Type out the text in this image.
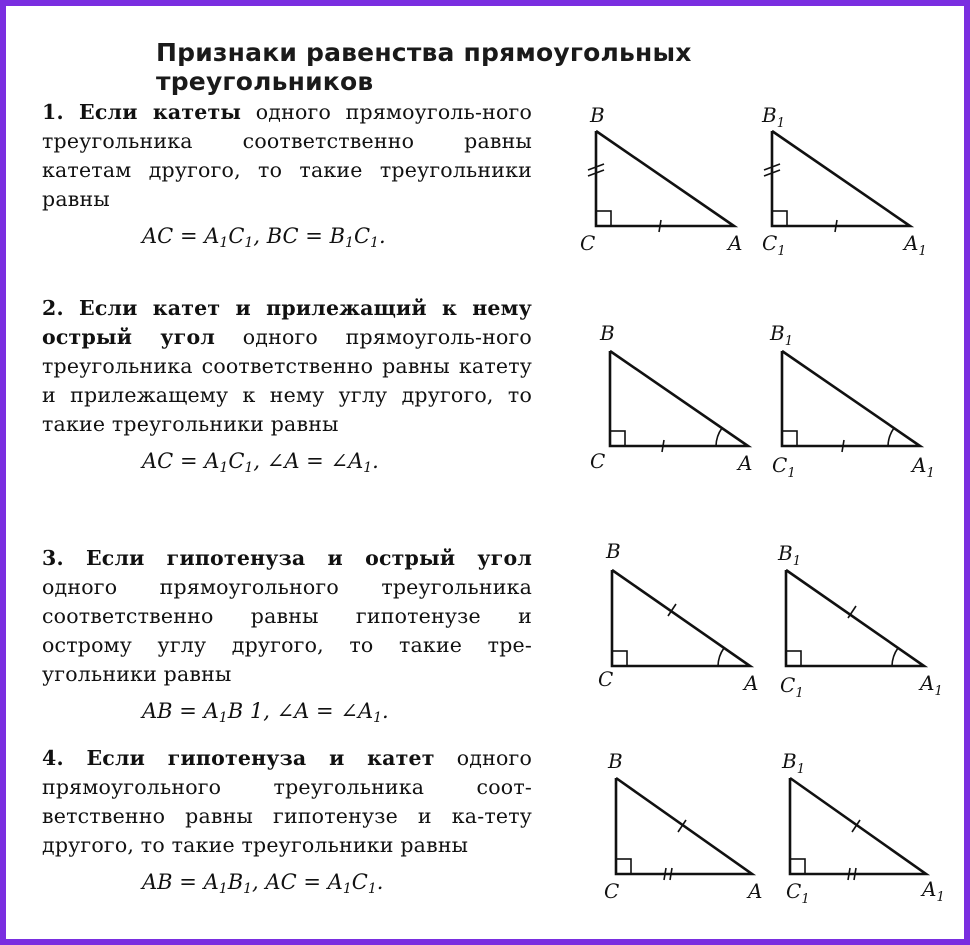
Признаки равенства прямоугольных треугольников
1. Если катеты одного прямоуголь-ного треугольника соответственно равны катетам другого, то такие треугольники равны
AC = $A_1C_1$, BC = $B_1C_1$.
2. Если катет и прилежащий к нему острый угол одного прямоуголь-ного треугольника соответственно равны катету и прилежащему к нему углу другого, то такие треугольники равны
AC = $A_1C_1$, ∠A = $\angle A_1$.
3. Если гипотенуза и острый угол одного прямоугольного треугольника соответственно равны гипотенузе и острому углу другого, то такие тре-угольники равны
AB = $A_1B$ 1, ∠A = $\angle A_1$.
4. Если гипотенуза и катет одного прямоугольного треугольника соот-ветственно равны гипотенузе и ка-тету другого, то такие треугольники равны
AB = $A_1B_1$, AC = $A_1C_1$.
B
C	A
$B_1$
$C_1$	$A_1$
B
C	A
$B_1$
$C_1$	$A_1$
B
C	A
$B_1$
$C_1$	$A_1$
B
C	A
$B_1$
$C_1$	$A_1$
